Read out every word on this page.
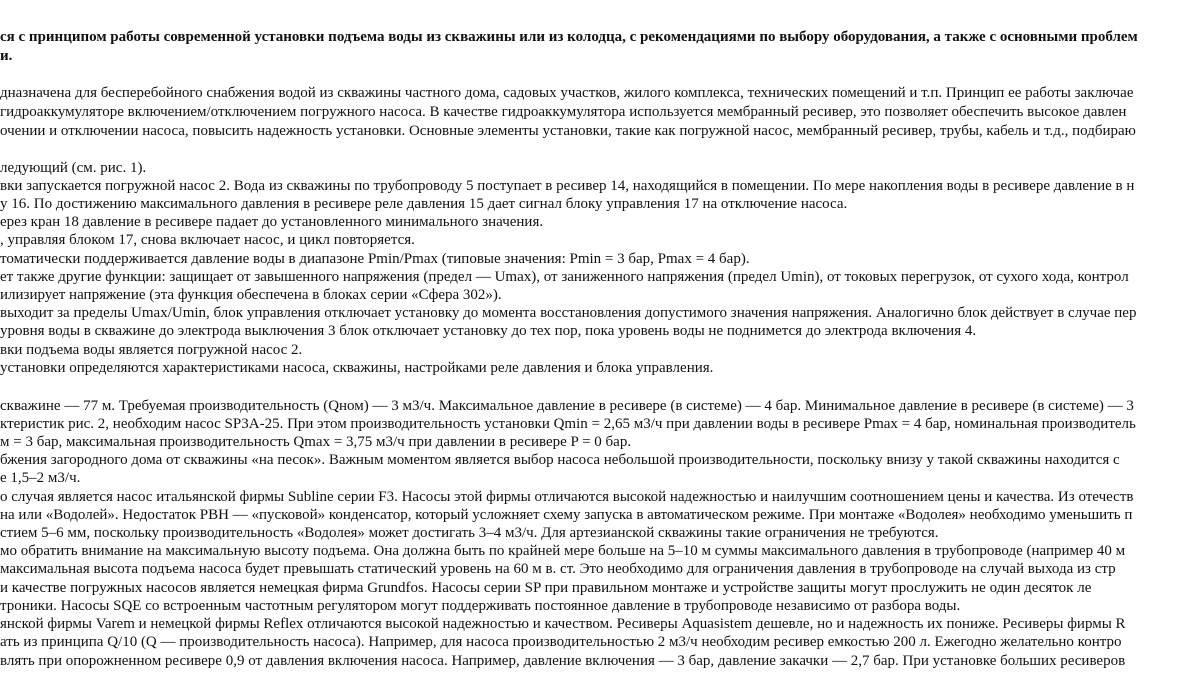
ся с принципом работы современной установки подъема воды из скважины или из колодца, с рекомендациями по выбору оборудования, а также с основными проблем
и.
дназначена для бесперебойного снабжения водой из скважины частного дома, садовых участков, жилого комплекса, технических помещений и т.п. Принцип ее работы заключае
гидроаккумуляторе включением/отключением погружного насоса. В качестве гидроаккумулятора используется мембранный ресивер, это позволяет обеспечить высокое давлен
очении и отключении насоса, повысить надежность установки. Основные элементы установки, такие как погружной насос, мембранный ресивер, трубы, кабель и т.д., подбираю
ледующий (см. рис. 1).
вки запускается погружной насос 2. Вода из скважины по трубопроводу 5 поступает в ресивер 14, находящийся в помещении. По мере накопления воды в ресивере давление в н
у 16. По достижению максимального давления в ресивере реле давления 15 дает сигнал блоку управления 17 на отключение насоса.
ерез кран 18 давление в ресивере падает до установленного минимального значения.
, управляя блоком 17, снова включает насос, и цикл повторяется.
томатически поддерживается давление воды в диапазоне Pmin/Pmax (типовые значения: Pmin = 3 бар, Pmax = 4 бар).
ет также другие функции: защищает от завышенного напряжения (предел — Umax), от заниженного напряжения (предел Umin), от токовых перегрузок, от сухого хода, контрол
илизирует напряжение (эта функция обеспечена в блоках серии «Сфера 302»).
выходит за пределы Umax/Umin, блок управления отключает установку до момента восстановления допустимого значения напряжения. Аналогично блок действует в случае пер
уровня воды в скважине до электрода выключения 3 блок отключает установку до тех пор, пока уровень воды не поднимется до электрода включения 4.
вки подъема воды является погружной насос 2.
установки определяются характеристиками насоса, скважины, настройками реле давления и блока управления.
скважине — 77 м. Требуемая производительность (Qном) — 3 м3/ч. Максимальное давление в ресивере (в системе) — 4 бар. Минимальное давление в ресивере (в системе) — 3
ктеристик рис. 2, необходим насос SP3A-25. При этом производительность установки Qmin = 2,65 м3/ч при давлении воды в ресивере Pmax = 4 бар, номинальная производитель
м = 3 бар, максимальная производительность Qmax = 3,75 м3/ч при давлении в ресивере P = 0 бар.
бжения загородного дома от скважины «на песок». Важным моментом является выбор насоса небольшой производительности, поскольку внизу у такой скважины находится с
е 1,5–2 м3/ч.
о случая является насос итальянской фирмы Subline серии F3. Насосы этой фирмы отличаются высокой надежностью и наилучшим соотношением цены и качества. Из отечеств
на или «Водолей». Недостаток РВН — «пусковой» конденсатор, который усложняет схему запуска в автоматическом режиме. При монтаже «Водолея» необходимо уменьшить п
стием 5–6 мм, поскольку производительность «Водолея» может достигать 3–4 м3/ч. Для артезианской скважины такие ограничения не требуются.
мо обратить внимание на максимальную высоту подъема. Она должна быть по крайней мере больше на 5–10 м суммы максимального давления в трубопроводе (например 40 м
максимальная высота подъема насоса будет превышать статический уровень на 60 м в. ст. Это необходимо для ограничения давления в трубопроводе на случай выхода из стр
и качестве погружных насосов является немецкая фирма Grundfos. Насосы серии SP при правильном монтаже и устройстве защиты могут прослужить не один десяток ле
троники. Насосы SQE со встроенным частотным регулятором могут поддерживать постоянное давление в трубопроводе независимо от разбора воды.
янской фирмы Varem и немецкой фирмы Reflex отличаются высокой надежностью и качеством. Ресиверы Aquasistem дешевле, но и надежность их пониже. Ресиверы фирмы R
ать из принципа Q/10 (Q — производительность насоса). Например, для насоса производительностью 2 м3/ч необходим ресивер емкостью 200 л. Ежегодно желательно контро
влять при опорожненном ресивере 0,9 от давления включения насоса. Например, давление включения — 3 бар, давление закачки — 2,7 бар. При установке больших ресиверов
